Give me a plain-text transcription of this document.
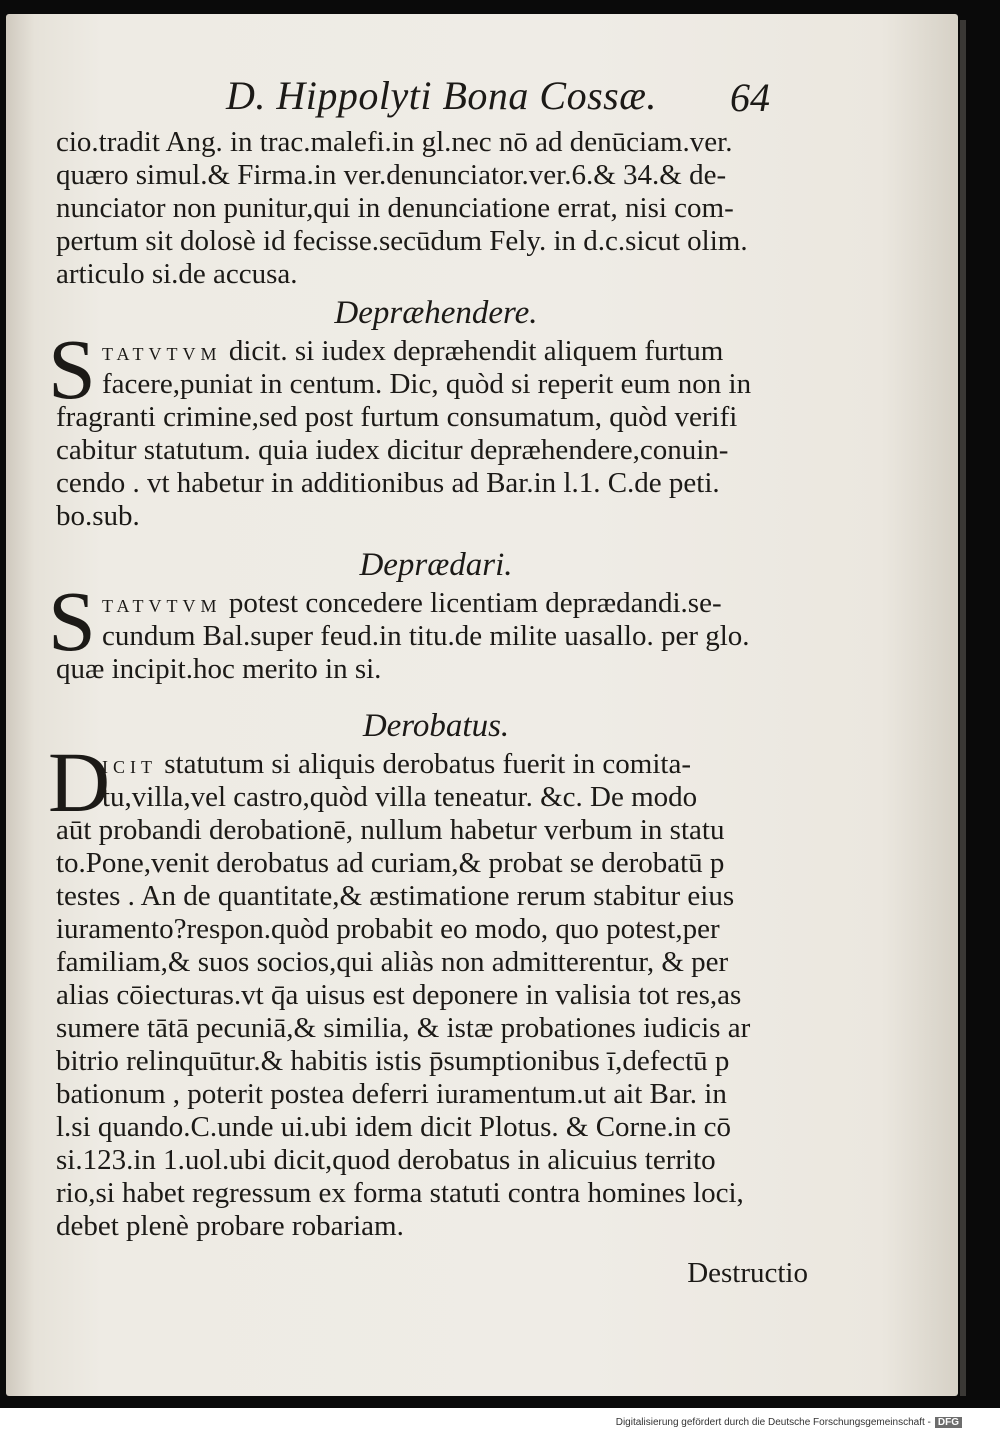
D. Hippolyti Bona Cossæ. 64
cio.tradit Ang. in trac.malefi.in gl.nec nō ad denūciam.ver.
quæro simul.& Firma.in ver.denunciator.ver.6.& 34.& de-
nunciator non punitur,qui in denunciatione errat, nisi com-
pertum sit dolosè id fecisse.secūdum Fely. in d.c.sicut olim.
articulo si.de accusa.
Depræhendere.
S TATVTVM dicit. si iudex depræhendit aliquem furtum
facere,puniat in centum. Dic, quòd si reperit eum non in
fragranti crimine,sed post furtum consumatum, quòd verifi
cabitur statutum. quia iudex dicitur depræhendere,conuin-
cendo . vt habetur in additionibus ad Bar.in l.1. C.de peti.
bo.sub.
Deprædari.
S TATVTVM potest concedere licentiam deprædandi.se-
cundum Bal.super feud.in titu.de milite uasallo. per glo.
quæ incipit.hoc merito in si.
Derobatus.
D
ICIT statutum si aliquis derobatus fuerit in comita-
tu,villa,vel castro,quòd villa teneatur. &c. De modo
aūt probandi derobationē, nullum habetur verbum in statu
to.Pone,venit derobatus ad curiam,& probat se derobatū p
testes . An de quantitate,& æstimatione rerum stabitur eius
iuramento?respon.quòd probabit eo modo, quo potest,per
familiam,& suos socios,qui aliàs non admitterentur, & per
alias cōiecturas.vt q̄a uisus est deponere in valisia tot res,as
sumere tātā pecuniā,& similia, & istæ probationes iudicis ar
bitrio relinquūtur.& habitis istis p̄sumptionibus ī,defectū p
bationum , poterit postea deferri iuramentum.ut ait Bar. in
l.si quando.C.unde ui.ubi idem dicit Plotus. & Corne.in cō
si.123.in 1.uol.ubi dicit,quod derobatus in alicuius territo
rio,si habet regressum ex forma statuti contra homines loci,
debet plenè probare robariam.
Destructio
Digitalisierung gefördert durch die Deutsche Forschungsgemeinschaft - DFG
